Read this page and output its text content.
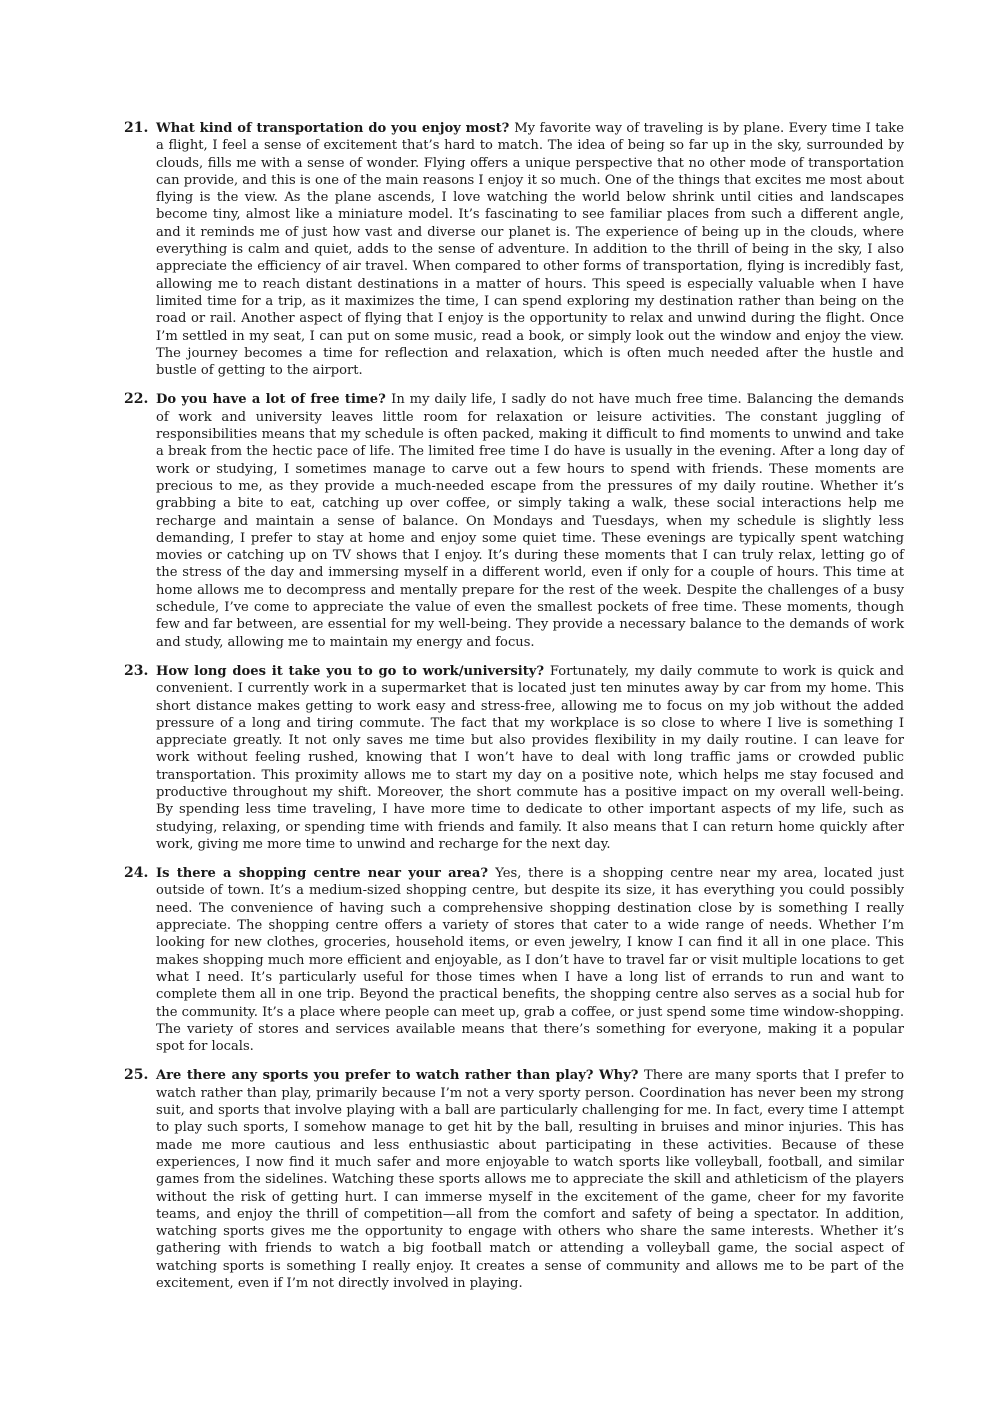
21. What kind of transportation do you enjoy most? My favorite way of traveling is by plane. Every time I take a flight, I feel a sense of excitement that’s hard to match. The idea of being so far up in the sky, surrounded by clouds, fills me with a sense of wonder. Flying offers a unique perspective that no other mode of transportation can provide, and this is one of the main reasons I enjoy it so much. One of the things that excites me most about flying is the view. As the plane ascends, I love watching the world below shrink until cities and landscapes become tiny, almost like a miniature model. It’s fascinating to see familiar places from such a different angle, and it reminds me of just how vast and diverse our planet is. The experience of being up in the clouds, where everything is calm and quiet, adds to the sense of adventure. In addition to the thrill of being in the sky, I also appreciate the efficiency of air travel. When compared to other forms of transportation, flying is incredibly fast, allowing me to reach distant destinations in a matter of hours. This speed is especially valuable when I have limited time for a trip, as it maximizes the time, I can spend exploring my destination rather than being on the road or rail. Another aspect of flying that I enjoy is the opportunity to relax and unwind during the flight. Once I’m settled in my seat, I can put on some music, read a book, or simply look out the window and enjoy the view. The journey becomes a time for reflection and relaxation, which is often much needed after the hustle and bustle of getting to the airport.
22. Do you have a lot of free time? In my daily life, I sadly do not have much free time. Balancing the demands of work and university leaves little room for relaxation or leisure activities. The constant juggling of responsibilities means that my schedule is often packed, making it difficult to find moments to unwind and take a break from the hectic pace of life. The limited free time I do have is usually in the evening. After a long day of work or studying, I sometimes manage to carve out a few hours to spend with friends. These moments are precious to me, as they provide a much-needed escape from the pressures of my daily routine. Whether it’s grabbing a bite to eat, catching up over coffee, or simply taking a walk, these social interactions help me recharge and maintain a sense of balance. On Mondays and Tuesdays, when my schedule is slightly less demanding, I prefer to stay at home and enjoy some quiet time. These evenings are typically spent watching movies or catching up on TV shows that I enjoy. It’s during these moments that I can truly relax, letting go of the stress of the day and immersing myself in a different world, even if only for a couple of hours. This time at home allows me to decompress and mentally prepare for the rest of the week. Despite the challenges of a busy schedule, I’ve come to appreciate the value of even the smallest pockets of free time. These moments, though few and far between, are essential for my well-being. They provide a necessary balance to the demands of work and study, allowing me to maintain my energy and focus.
23. How long does it take you to go to work/university? Fortunately, my daily commute to work is quick and convenient. I currently work in a supermarket that is located just ten minutes away by car from my home. This short distance makes getting to work easy and stress-free, allowing me to focus on my job without the added pressure of a long and tiring commute. The fact that my workplace is so close to where I live is something I appreciate greatly. It not only saves me time but also provides flexibility in my daily routine. I can leave for work without feeling rushed, knowing that I won’t have to deal with long traffic jams or crowded public transportation. This proximity allows me to start my day on a positive note, which helps me stay focused and productive throughout my shift. Moreover, the short commute has a positive impact on my overall well-being. By spending less time traveling, I have more time to dedicate to other important aspects of my life, such as studying, relaxing, or spending time with friends and family. It also means that I can return home quickly after work, giving me more time to unwind and recharge for the next day.
24. Is there a shopping centre near your area? Yes, there is a shopping centre near my area, located just outside of town. It’s a medium-sized shopping centre, but despite its size, it has everything you could possibly need. The convenience of having such a comprehensive shopping destination close by is something I really appreciate. The shopping centre offers a variety of stores that cater to a wide range of needs. Whether I’m looking for new clothes, groceries, household items, or even jewelry, I know I can find it all in one place. This makes shopping much more efficient and enjoyable, as I don’t have to travel far or visit multiple locations to get what I need. It’s particularly useful for those times when I have a long list of errands to run and want to complete them all in one trip. Beyond the practical benefits, the shopping centre also serves as a social hub for the community. It’s a place where people can meet up, grab a coffee, or just spend some time window-shopping. The variety of stores and services available means that there’s something for everyone, making it a popular spot for locals.
25. Are there any sports you prefer to watch rather than play? Why? There are many sports that I prefer to watch rather than play, primarily because I’m not a very sporty person. Coordination has never been my strong suit, and sports that involve playing with a ball are particularly challenging for me. In fact, every time I attempt to play such sports, I somehow manage to get hit by the ball, resulting in bruises and minor injuries. This has made me more cautious and less enthusiastic about participating in these activities. Because of these experiences, I now find it much safer and more enjoyable to watch sports like volleyball, football, and similar games from the sidelines. Watching these sports allows me to appreciate the skill and athleticism of the players without the risk of getting hurt. I can immerse myself in the excitement of the game, cheer for my favorite teams, and enjoy the thrill of competition—all from the comfort and safety of being a spectator. In addition, watching sports gives me the opportunity to engage with others who share the same interests. Whether it’s gathering with friends to watch a big football match or attending a volleyball game, the social aspect of watching sports is something I really enjoy. It creates a sense of community and allows me to be part of the excitement, even if I’m not directly involved in playing.
